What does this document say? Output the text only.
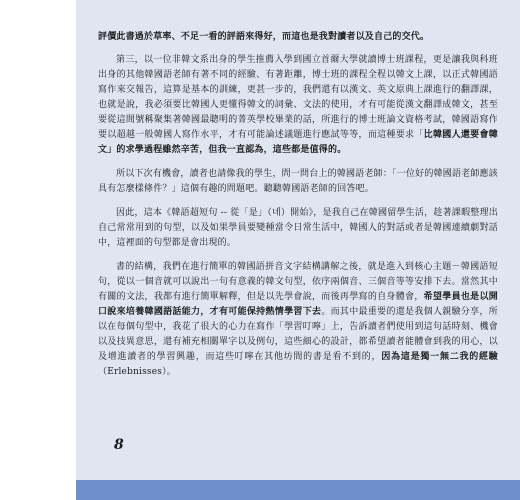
評價此書過於草率、不足一看的評語來得好，而這也是我對讀者以及自己的交代。

第三，以一位非韓文系出身的學生推薦入學到國立首爾大學就讀博士班課程，更是讓我與科班出身的其他韓國語老師有著不同的經驗、有著距離，博士班的課程全程以韓文上課，以正式韓國語寫作來交報告，這算是基本的訓練，更甚一步的，我們還有以漢文、英文原典上課進行的翻譯課，也就是說，我必須要比韓國人更懂得韓文的詞彙、文法的使用，才有可能從漢文翻譯成韓文，甚至要從這間號稱聚集著韓國最聰明的菁英學校畢業的話，所進行的博士班論文資格考試，韓國語寫作要以超越一般韓國人寫作水平，才有可能論述議題進行應試等等，而這種要求「比韓國人還要會韓文」的求學過程雖然辛苦，但我一直認為，這些都是值得的。

所以下次有機會，讀者也請像我的學生，問一問台上的韓國語老師：「一位好的韓國語老師應該具有怎麼樣條件？」這個有趣的問題吧。聽聽韓國語老師的回答吧。

因此，這本《韓語超短句 -- 從「是」（네）開始》，是我自己在韓國留學生活，趁著課暇整理出自己常常用到的句型，以及如果學員要變種當令日常生活中，韓國人的對話或者是韓國連續劇對話中，這裡面的句型都是會出現的。

書的結構，我們在進行簡單的韓國語拼音文字結構講解之後，就是進入到核心主題－韓國語短句，從以一個音就可以說出一句有意義的韓文句型，依序兩個音、三個音等等安排下去。當然其中有關的文法，我都有進行簡單解釋，但是以先學會說，而後再學寫的自身體會，希望學員也是以開口說來培養韓國語話能力，才有可能保持熱情學習下去。而其中最重要的還是我個人親驗分享，所以在每個句型中，我花了很大的心力在寫作「學習叮嚀」上，告訴讀者們使用到這句話時刻、機會以及技異意思，還有補充相關單字以及例句，這些細心的設計，都希望讀者能體會到我的用心，以及增進讀者的學習興趣，而這些叮嚀在其他坊間的書是看不到的，因為這是獨一無二我的經驗（Erlebnisses）。

8
